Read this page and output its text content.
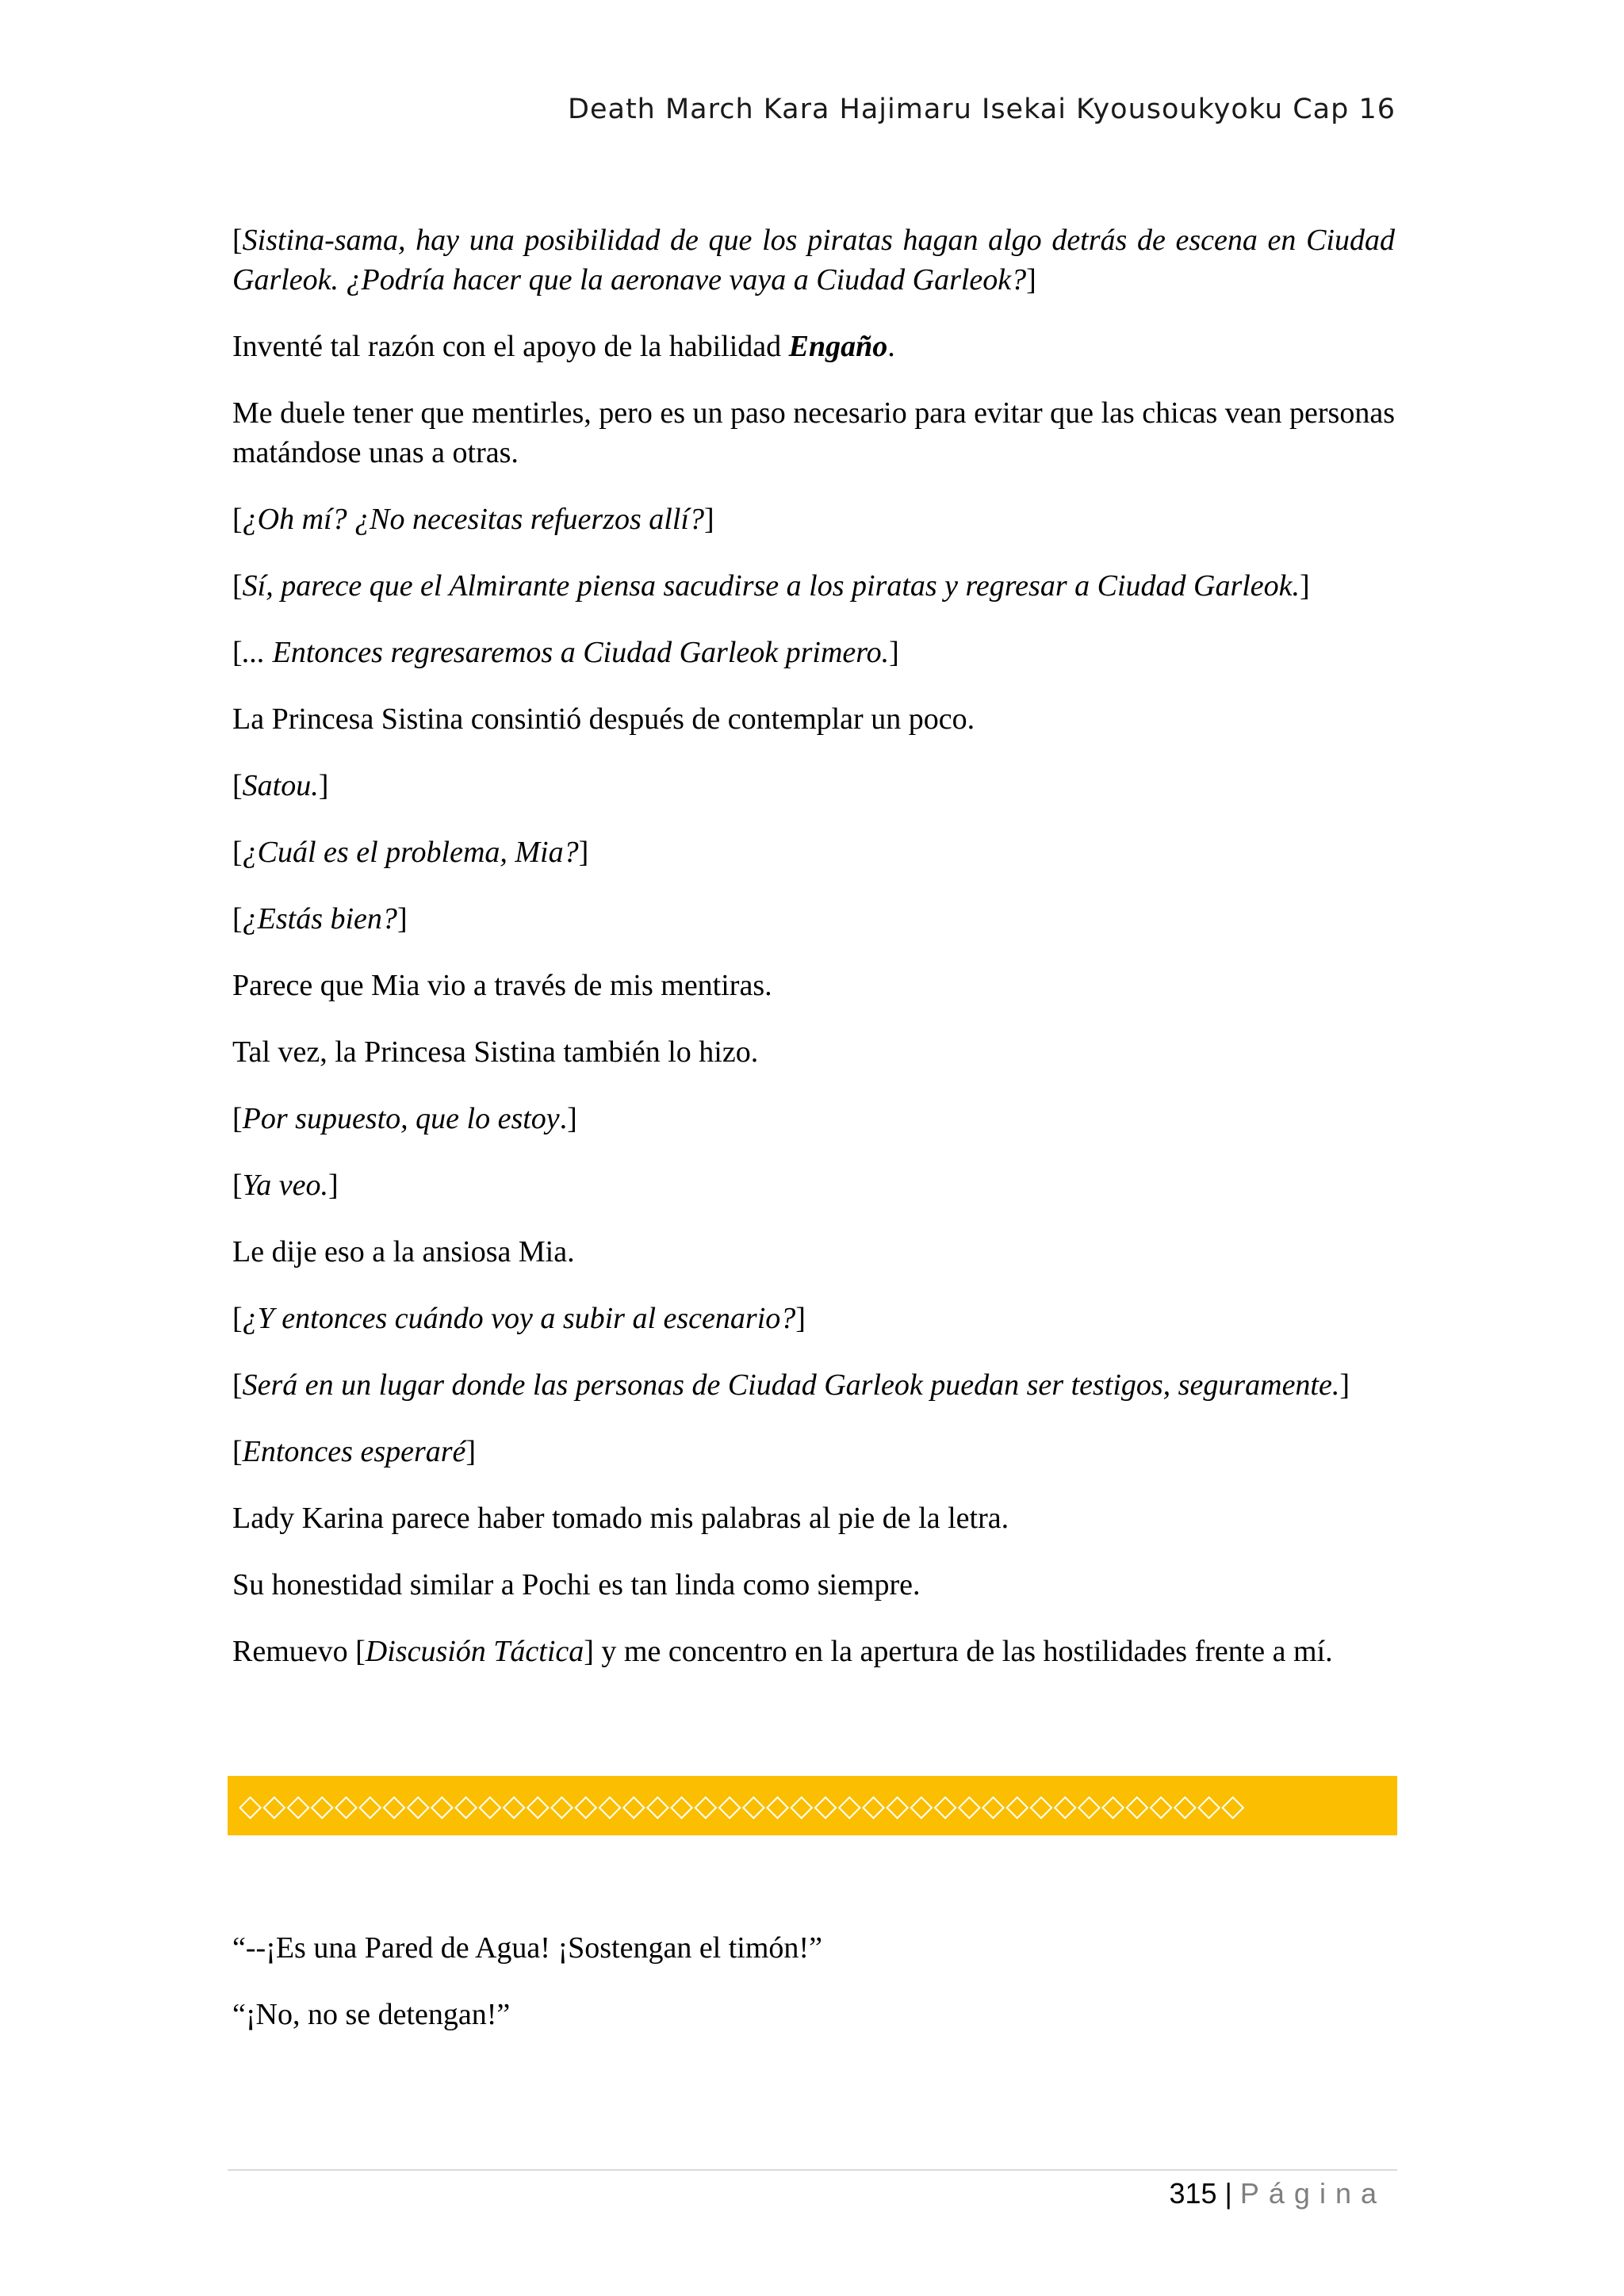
Death March Kara Hajimaru Isekai Kyousoukyoku Cap 16

[Sistina-sama, hay una posibilidad de que los piratas hagan algo detrás de escena en Ciudad Garleok. ¿Podría hacer que la aeronave vaya a Ciudad Garleok?]

Inventé tal razón con el apoyo de la habilidad Engaño.

Me duele tener que mentirles, pero es un paso necesario para evitar que las chicas vean personas matándose unas a otras.

[¿Oh mí? ¿No necesitas refuerzos allí?]

[Sí, parece que el Almirante piensa sacudirse a los piratas y regresar a Ciudad Garleok.]

[... Entonces regresaremos a Ciudad Garleok primero.]

La Princesa Sistina consintió después de contemplar un poco.

[Satou.]

[¿Cuál es el problema, Mia?]

[¿Estás bien?]

Parece que Mia vio a través de mis mentiras.

Tal vez, la Princesa Sistina también lo hizo.

[Por supuesto, que lo estoy.]

[Ya veo.]

Le dije eso a la ansiosa Mia.

[¿Y entonces cuándo voy a subir al escenario?]

[Será en un lugar donde las personas de Ciudad Garleok puedan ser testigos, seguramente.]

[Entonces esperaré]

Lady Karina parece haber tomado mis palabras al pie de la letra.

Su honestidad similar a Pochi es tan linda como siempre.

Remuevo [Discusión Táctica] y me concentro en la apertura de las hostilidades frente a mí.

◇◇◇◇◇◇◇◇◇◇◇◇◇◇◇◇◇◇◇◇◇◇◇◇◇◇◇◇◇◇◇◇◇◇◇◇◇◇◇◇◇◇

“--¡Es una Pared de Agua! ¡Sostengan el timón!”

“¡No, no se detengan!”

315 | Página
